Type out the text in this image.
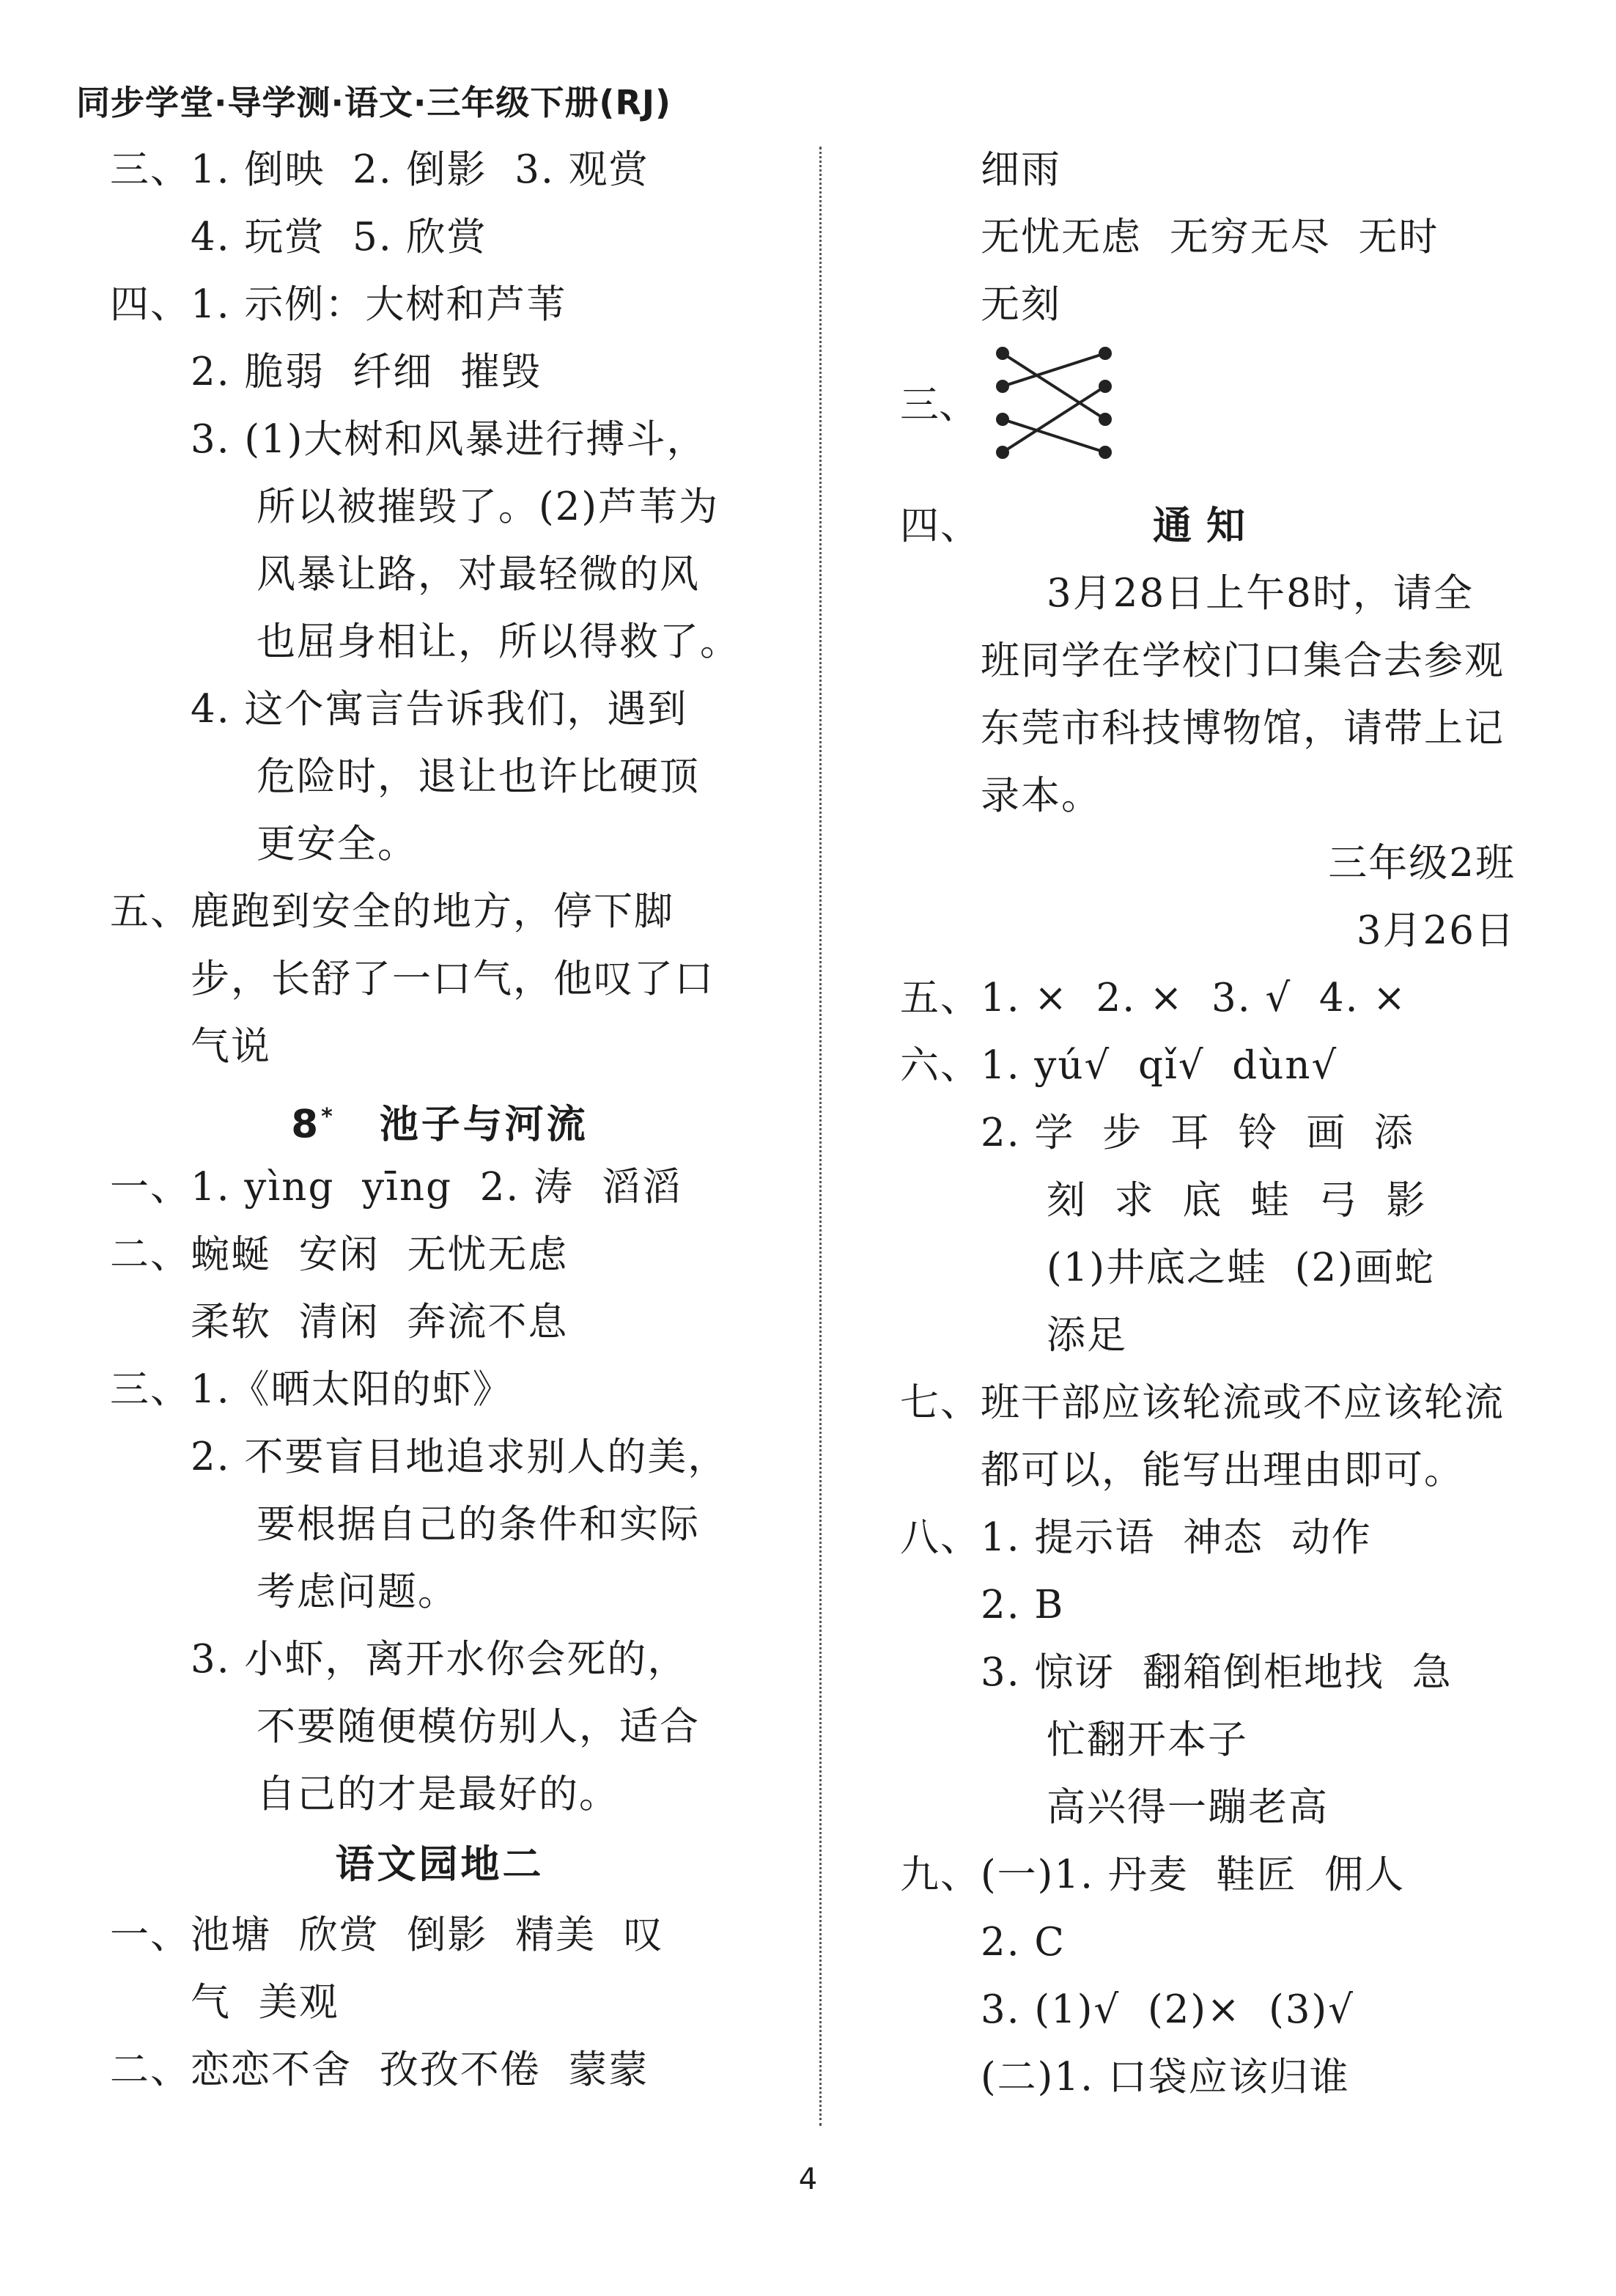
同步学堂·导学测·语文·三年级下册(RJ)
三、 1. 倒映  2. 倒影  3. 观赏
4. 玩赏  5. 欣赏
四、 1. 示例：大树和芦苇
2. 脆弱  纤细  摧毁
3. (1)大树和风暴进行搏斗，
所以被摧毁了。(2)芦苇为
风暴让路，对最轻微的风
也屈身相让，所以得救了。
4. 这个寓言告诉我们，遇到
危险时，退让也许比硬顶
更安全。
五、 鹿跑到安全的地方，停下脚
步，长舒了一口气，他叹了口
气说
8* 池子与河流
一、 1. yìng  yīng  2. 涛  滔滔
二、 蜿蜒  安闲  无忧无虑
柔软  清闲  奔流不息
三、 1.《晒太阳的虾》
2. 不要盲目地追求别人的美，
要根据自己的条件和实际
考虑问题。
3. 小虾，离开水你会死的，
不要随便模仿别人，适合
自己的才是最好的。
语文园地二
一、 池塘  欣赏  倒影  精美  叹
气  美观
二、 恋恋不舍  孜孜不倦  蒙蒙
细雨
无忧无虑  无穷无尽  无时
无刻
三、
四、	通知
3月28日上午8时，请全
班同学在学校门口集合去参观
东莞市科技博物馆，请带上记
录本。
三年级2班
3月26日
五、 1. ×  2. ×  3. √  4. ×
六、 1. yú√  qǐ√  dùn√
2. 学  步  耳  铃  画  添
刻  求  底  蛙  弓  影
(1)井底之蛙  (2)画蛇
添足
七、 班干部应该轮流或不应该轮流
都可以，能写出理由即可。
八、 1. 提示语  神态  动作
2. B
3. 惊讶  翻箱倒柜地找  急
忙翻开本子
高兴得一蹦老高
九、 (一)1. 丹麦  鞋匠  佣人
2. C
3. (1)√  (2)×  (3)√
(二)1. 口袋应该归谁
4
